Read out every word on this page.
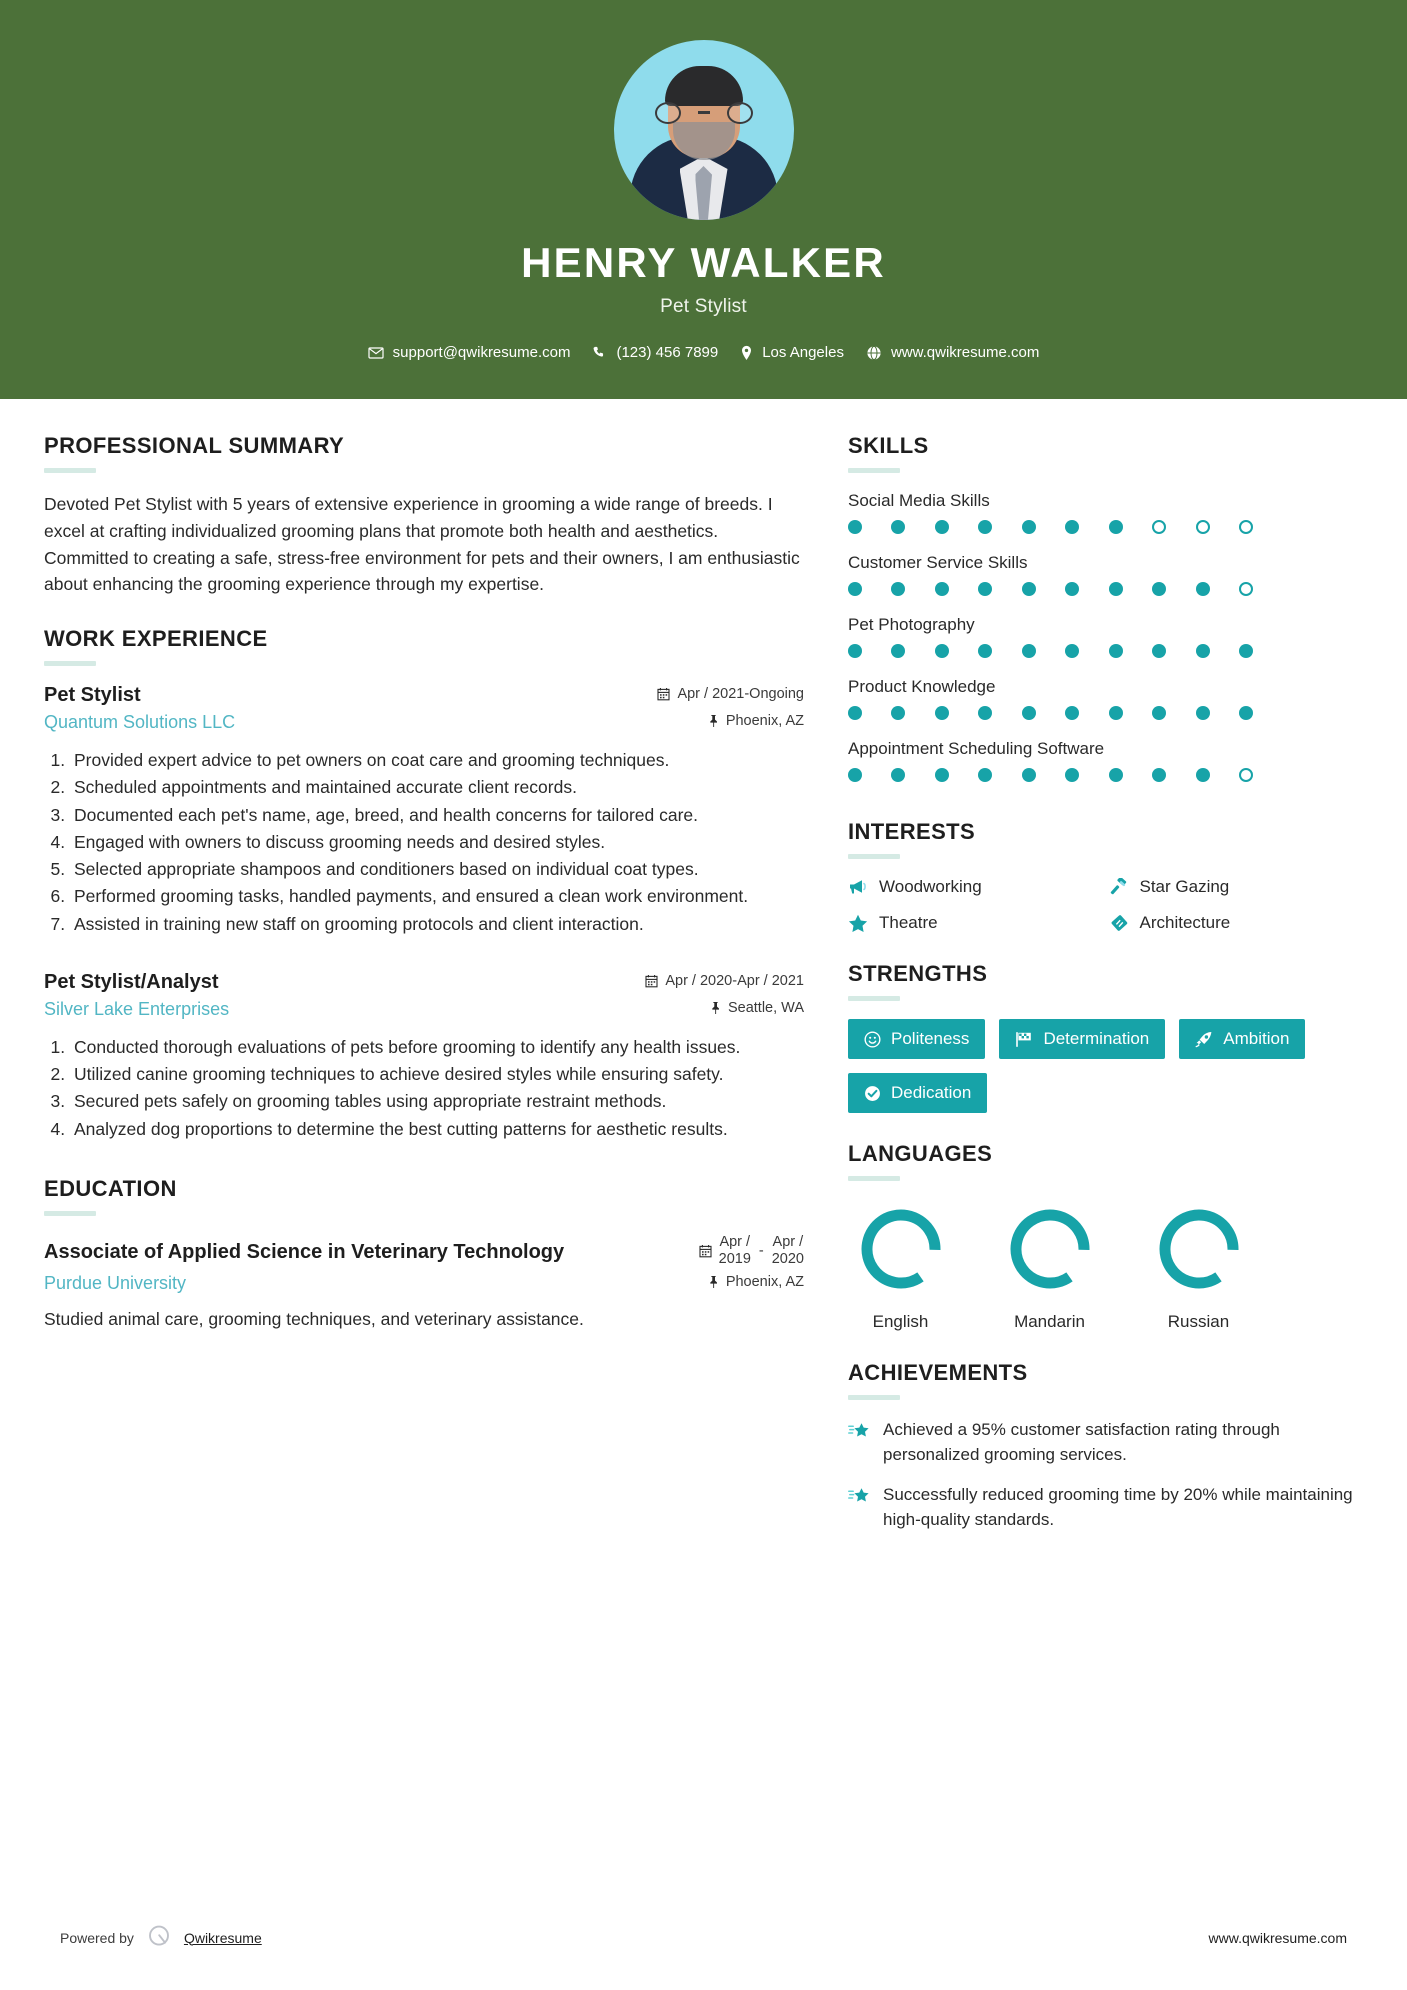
HENRY WALKER
Pet Stylist
support@qwikresume.com	(123) 456 7899	Los Angeles	www.qwikresume.com
PROFESSIONAL SUMMARY
Devoted Pet Stylist with 5 years of extensive experience in grooming a wide range of breeds. I excel at crafting individualized grooming plans that promote both health and aesthetics. Committed to creating a safe, stress-free environment for pets and their owners, I am enthusiastic about enhancing the grooming experience through my expertise.
WORK EXPERIENCE
Pet Stylist	Apr / 2021-Ongoing
Quantum Solutions LLC	Phoenix, AZ
1. Provided expert advice to pet owners on coat care and grooming techniques.
2. Scheduled appointments and maintained accurate client records.
3. Documented each pet's name, age, breed, and health concerns for tailored care.
4. Engaged with owners to discuss grooming needs and desired styles.
5. Selected appropriate shampoos and conditioners based on individual coat types.
6. Performed grooming tasks, handled payments, and ensured a clean work environment.
7. Assisted in training new staff on grooming protocols and client interaction.
Pet Stylist/Analyst	Apr / 2020-Apr / 2021
Silver Lake Enterprises	Seattle, WA
1. Conducted thorough evaluations of pets before grooming to identify any health issues.
2. Utilized canine grooming techniques to achieve desired styles while ensuring safety.
3. Secured pets safely on grooming tables using appropriate restraint methods.
4. Analyzed dog proportions to determine the best cutting patterns for aesthetic results.
EDUCATION
Associate of Applied Science in Veterinary Technology	Apr /
2019 -
Apr /
2020
Purdue University	Phoenix, AZ
Studied animal care, grooming techniques, and veterinary assistance.
SKILLS
Social Media Skills
Customer Service Skills
Pet Photography
Product Knowledge
Appointment Scheduling Software
INTERESTS
Woodworking	Star Gazing
Theatre	Architecture
STRENGTHS
Politeness	Determination	Ambition
Dedication
LANGUAGES
English	Mandarin	Russian
ACHIEVEMENTS
Achieved a 95% customer satisfaction rating through personalized grooming services.
Successfully reduced grooming time by 20% while maintaining high-quality standards.
Powered by	Qwikresume	www.qwikresume.com
